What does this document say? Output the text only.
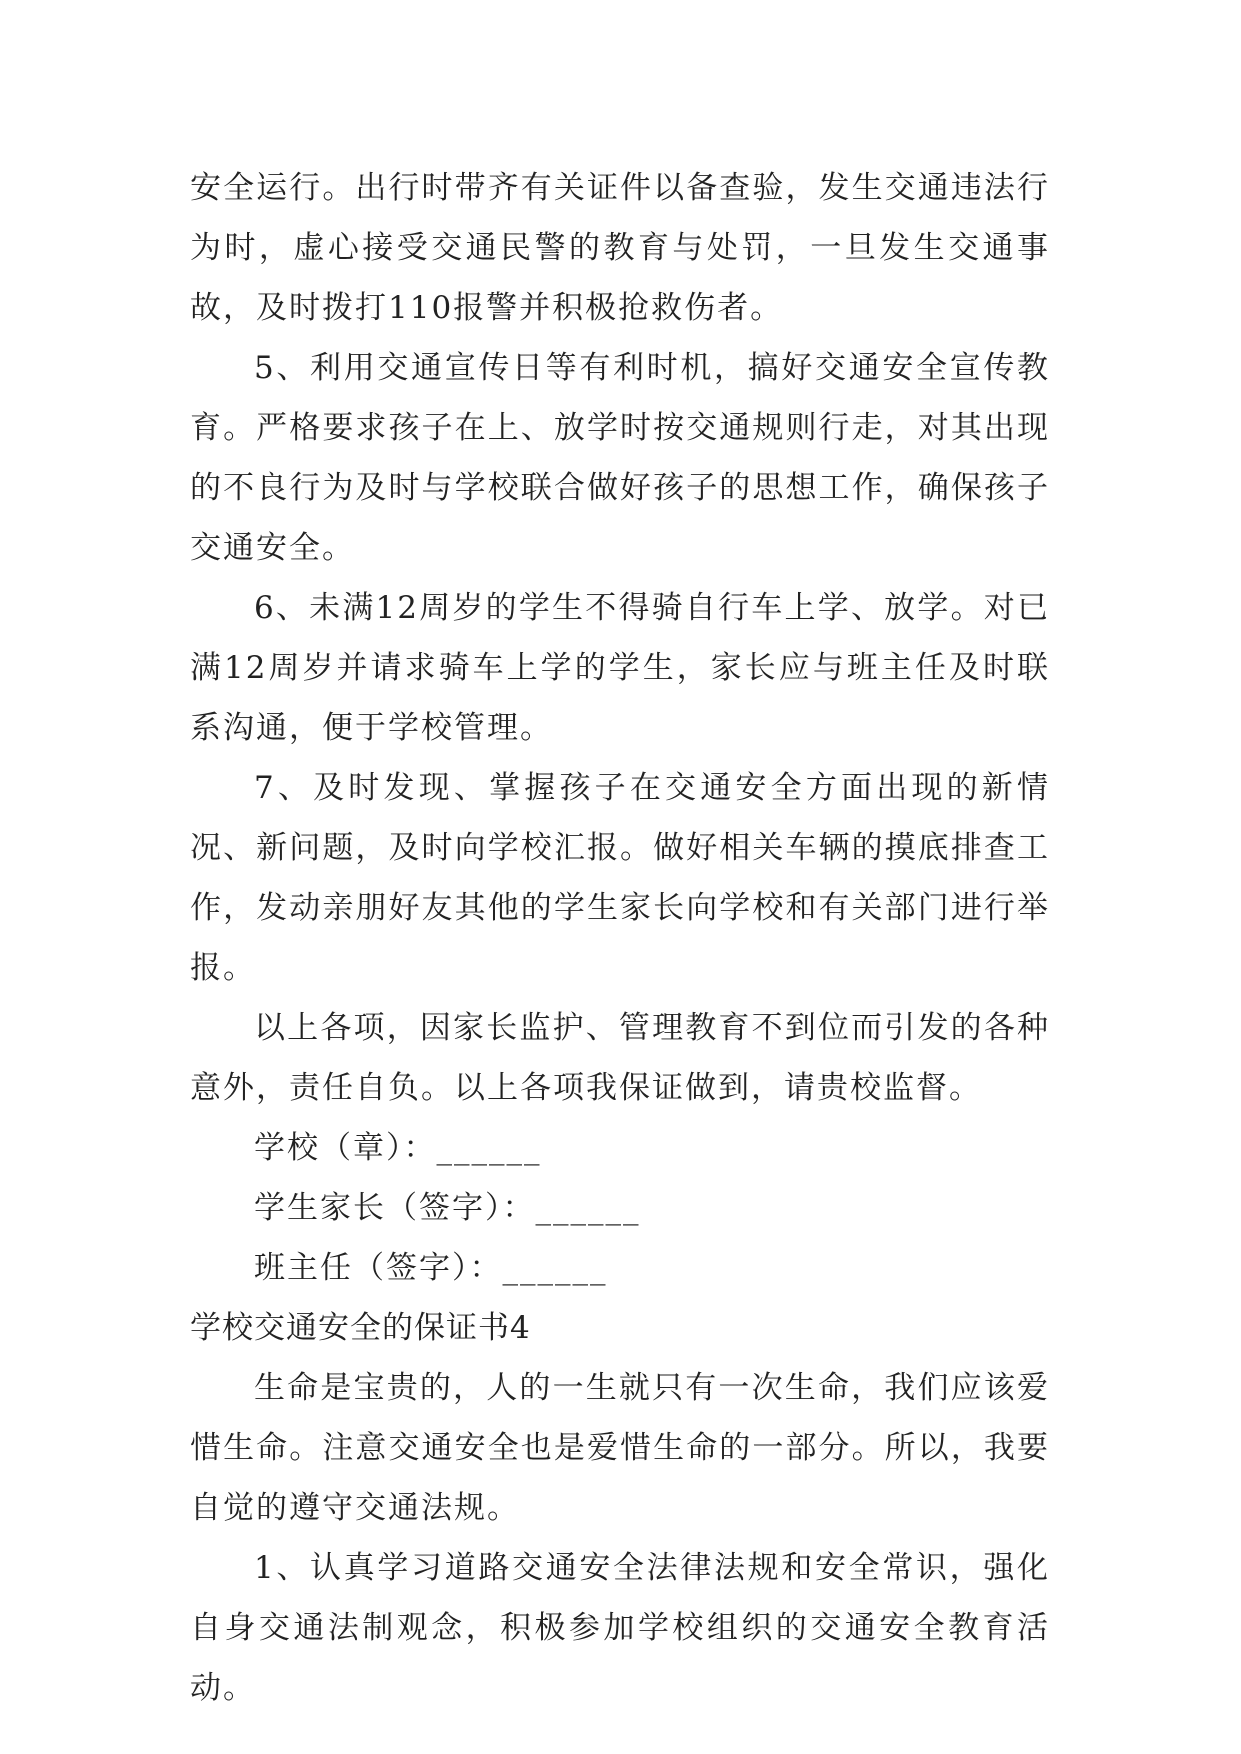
安全运行。出行时带齐有关证件以备查验，发生交通违法行为时，虚心接受交通民警的教育与处罚，一旦发生交通事故，及时拨打110报警并积极抢救伤者。

5、利用交通宣传日等有利时机，搞好交通安全宣传教育。严格要求孩子在上、放学时按交通规则行走，对其出现的不良行为及时与学校联合做好孩子的思想工作，确保孩子交通安全。

6、未满12周岁的学生不得骑自行车上学、放学。对已满12周岁并请求骑车上学的学生，家长应与班主任及时联系沟通，便于学校管理。

7、及时发现、掌握孩子在交通安全方面出现的新情况、新问题，及时向学校汇报。做好相关车辆的摸底排查工作，发动亲朋好友其他的学生家长向学校和有关部门进行举报。

以上各项，因家长监护、管理教育不到位而引发的各种意外，责任自负。以上各项我保证做到，请贵校监督。

学校（章）：______

学生家长（签字）：______

班主任（签字）：______

学校交通安全的保证书4

生命是宝贵的，人的一生就只有一次生命，我们应该爱惜生命。注意交通安全也是爱惜生命的一部分。所以，我要自觉的遵守交通法规。

1、认真学习道路交通安全法律法规和安全常识，强化自身交通法制观念，积极参加学校组织的交通安全教育活动。
